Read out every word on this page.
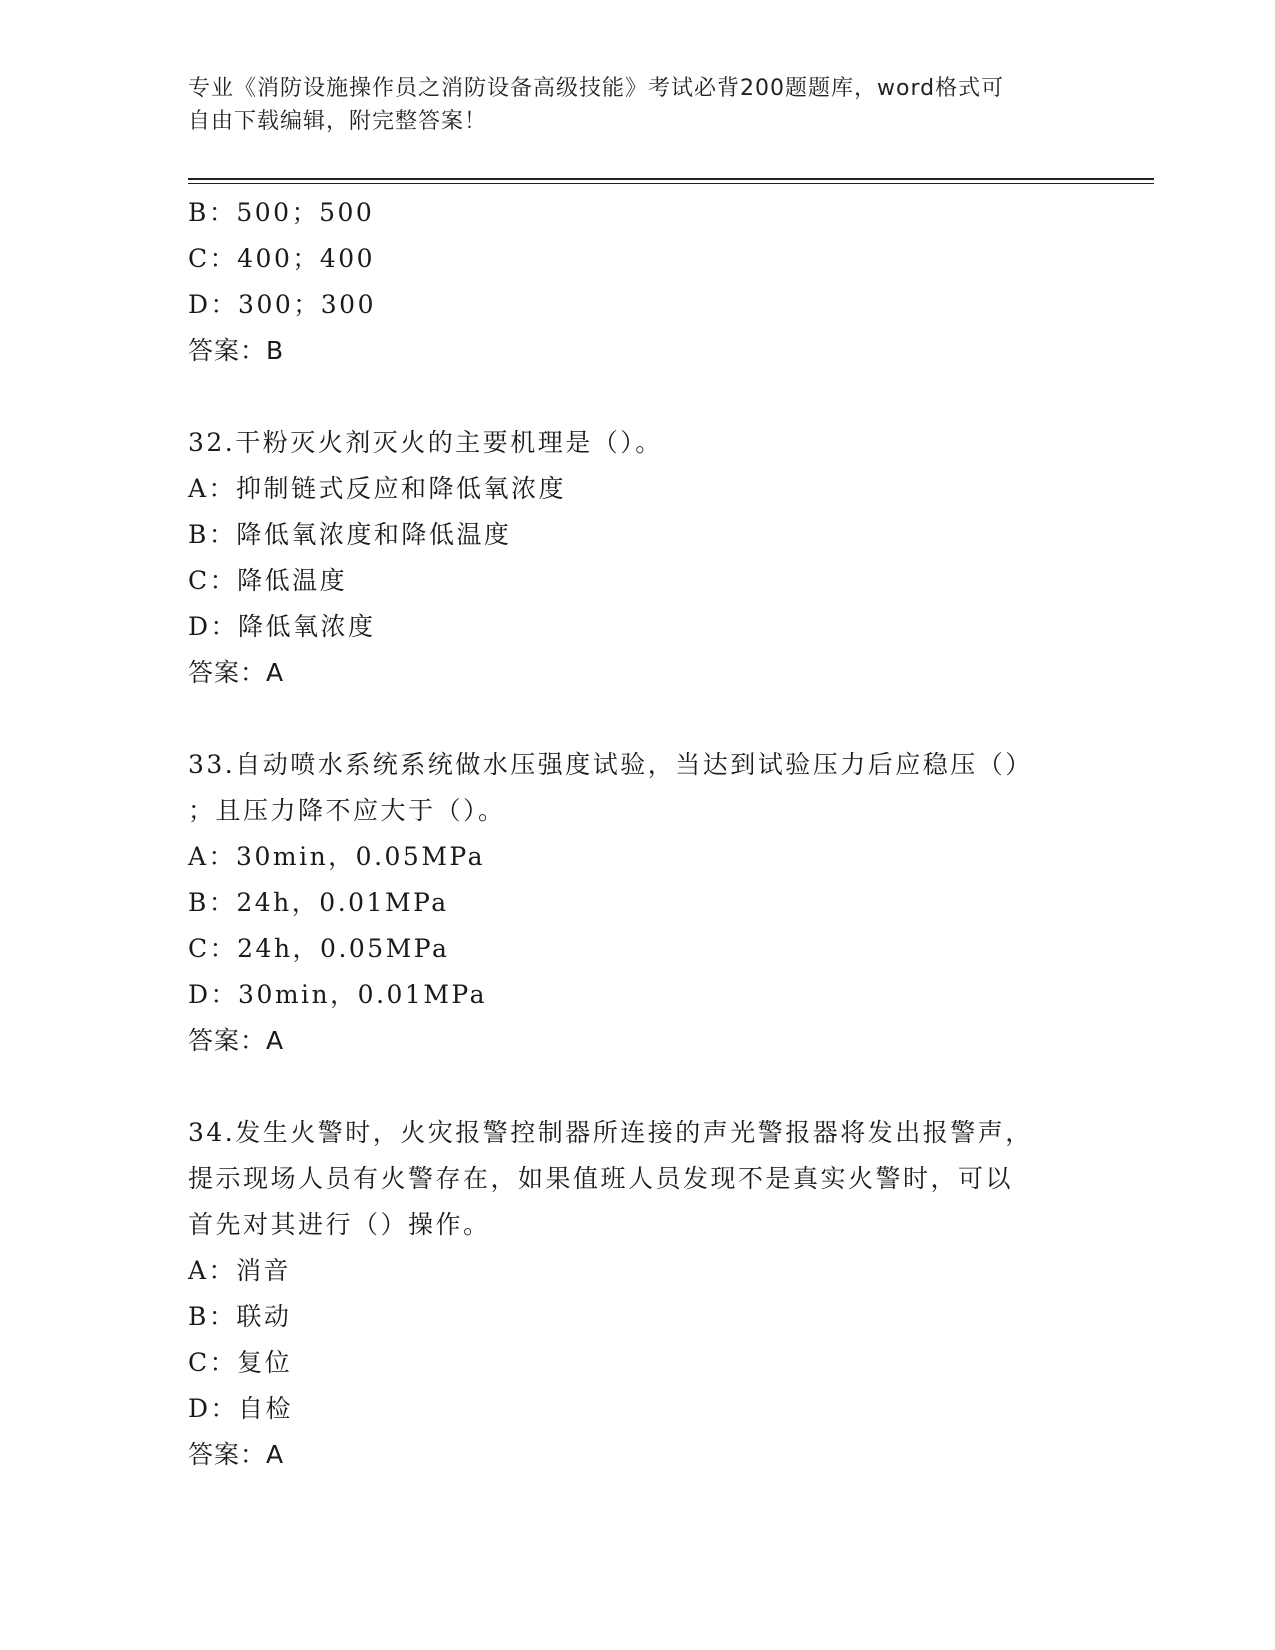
专业《消防设施操作员之消防设备高级技能》考试必背200题题库，word格式可
自由下载编辑，附完整答案！
B：500；500
C：400；400
D：300；300
答案：B
32.干粉灭火剂灭火的主要机理是（）。
A：抑制链式反应和降低氧浓度
B：降低氧浓度和降低温度
C：降低温度
D：降低氧浓度
答案：A
33.自动喷水系统系统做水压强度试验，当达到试验压力后应稳压（）
；且压力降不应大于（）。
A：30min，0.05MPa
B：24h，0.01MPa
C：24h，0.05MPa
D：30min，0.01MPa
答案：A
34.发生火警时，火灾报警控制器所连接的声光警报器将发出报警声，
提示现场人员有火警存在，如果值班人员发现不是真实火警时，可以
首先对其进行（）操作。
A：消音
B：联动
C：复位
D：自检
答案：A
